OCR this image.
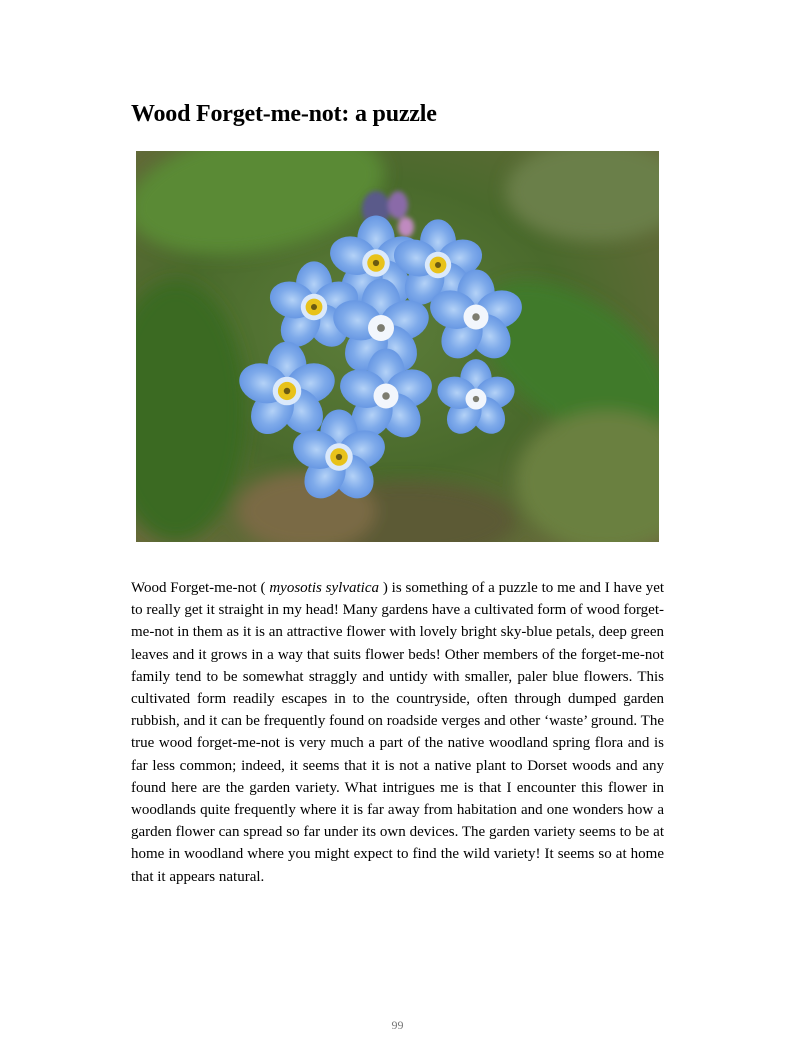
Wood Forget-me-not: a puzzle

Wood Forget-me-not ( myosotis sylvatica ) is something of a puzzle to me and I have yet to really get it straight in my head! Many gardens have a cultivated form of wood forget-me-not in them as it is an attractive flower with lovely bright sky-blue petals, deep green leaves and it grows in a way that suits flower beds! Other members of the forget-me-not family tend to be somewhat straggly and untidy with smaller, paler blue flowers. This cultivated form readily escapes in to the countryside, often through dumped garden rubbish, and it can be frequently found on roadside verges and other ‘waste’ ground. The true wood forget-me-not is very much a part of the native woodland spring flora and is far less common; indeed, it seems that it is not a native plant to Dorset woods and any found here are the garden variety. What intrigues me is that I encounter this flower in woodlands quite frequently where it is far away from habitation and one wonders how a garden flower can spread so far under its own devices. The garden variety seems to be at home in woodland where you might expect to find the wild variety! It seems so at home that it appears natural.

99
